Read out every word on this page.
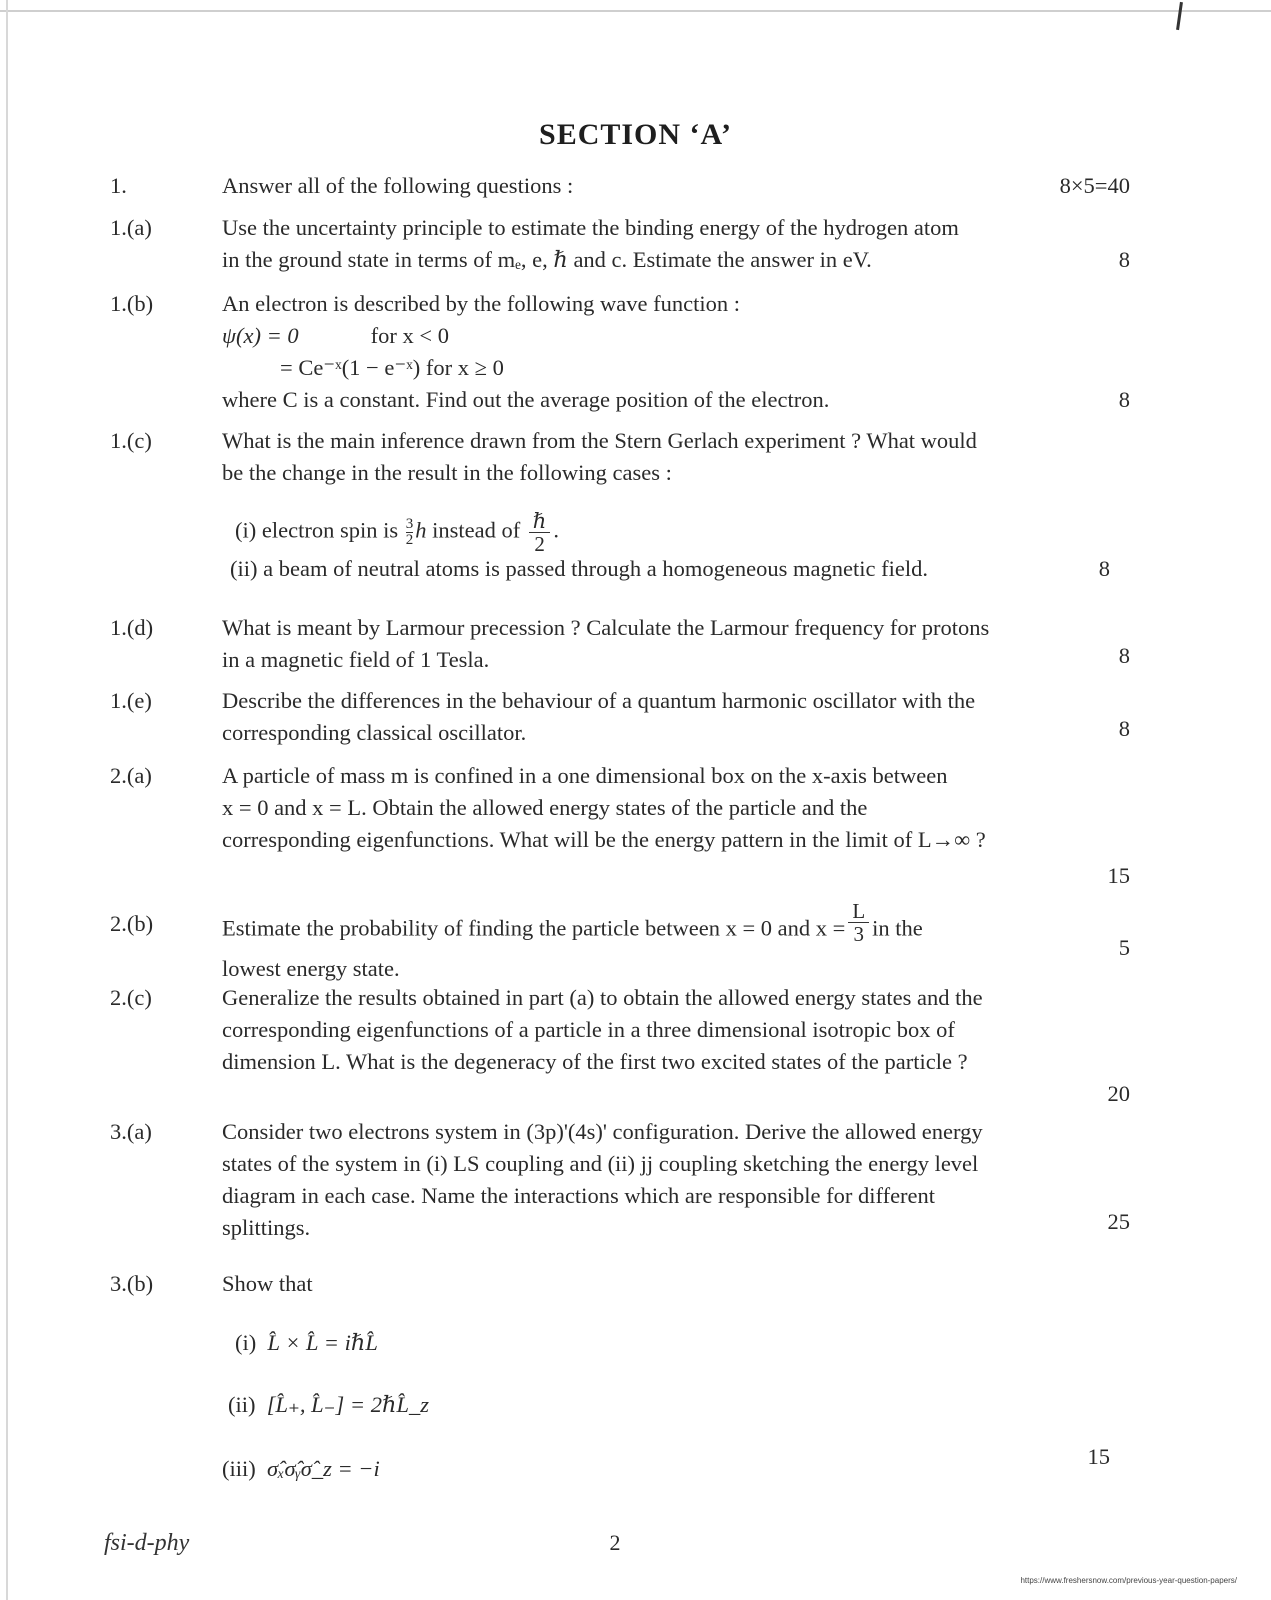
SECTION ‘A’
1.	Answer all of the following questions :	8×5=40
1.(a)	Use the uncertainty principle to estimate the binding energy of the hydrogen atom
in the ground state in terms of mₑ, e, ℏ and c. Estimate the answer in eV.	8
1.(b)	An electron is described by the following wave function :
ψ(x) = 0	for x < 0
= Ce⁻ˣ(1 − e⁻ˣ) for x ≥ 0
where C is a constant. Find out the average position of the electron.	8
1.(c)	What is the main inference drawn from the Stern Gerlach experiment ? What would
be the change in the result in the following cases :
(i) electron spin is $\frac{3}{2}$ h instead of ℏ
2
.
(ii) a beam of neutral atoms is passed through a homogeneous magnetic field.	8
1.(d)	What is meant by Larmour precession ? Calculate the Larmour frequency for protons
in a magnetic field of 1 Tesla.	8
1.(e)	Describe the differences in the behaviour of a quantum harmonic oscillator with the
corresponding classical oscillator.	8
2.(a)	A particle of mass m is confined in a one dimensional box on the x-axis between
x = 0 and x = L. Obtain the allowed energy states of the particle and the
corresponding eigenfunctions. What will be the energy pattern in the limit of L→∞ ?
15
2.(b)	Estimate the probability of finding the particle between x = 0 and $x = \frac{L}{3}$ in the
lowest energy state.
5
2.(c)	Generalize the results obtained in part (a) to obtain the allowed energy states and the
corresponding eigenfunctions of a particle in a three dimensional isotropic box of
dimension L. What is the degeneracy of the first two excited states of the particle ?
20
3.(a)	Consider two electrons system in (3p)'(4s)' configuration. Derive the allowed energy
states of the system in (i) LS coupling and (ii) jj coupling sketching the energy level
diagram in each case. Name the interactions which are responsible for different
splittings.	25
3.(b)	Show that
(i) L̂ × L̂ = iℏL̂
(ii) [L̂₊, L̂₋] = 2ℏL̂_z
(iii) σ̂ₓσ̂ᵧσ̂_z = −i	15
fsi-d-phy	2
https://www.freshersnow.com/previous-year-question-papers/
